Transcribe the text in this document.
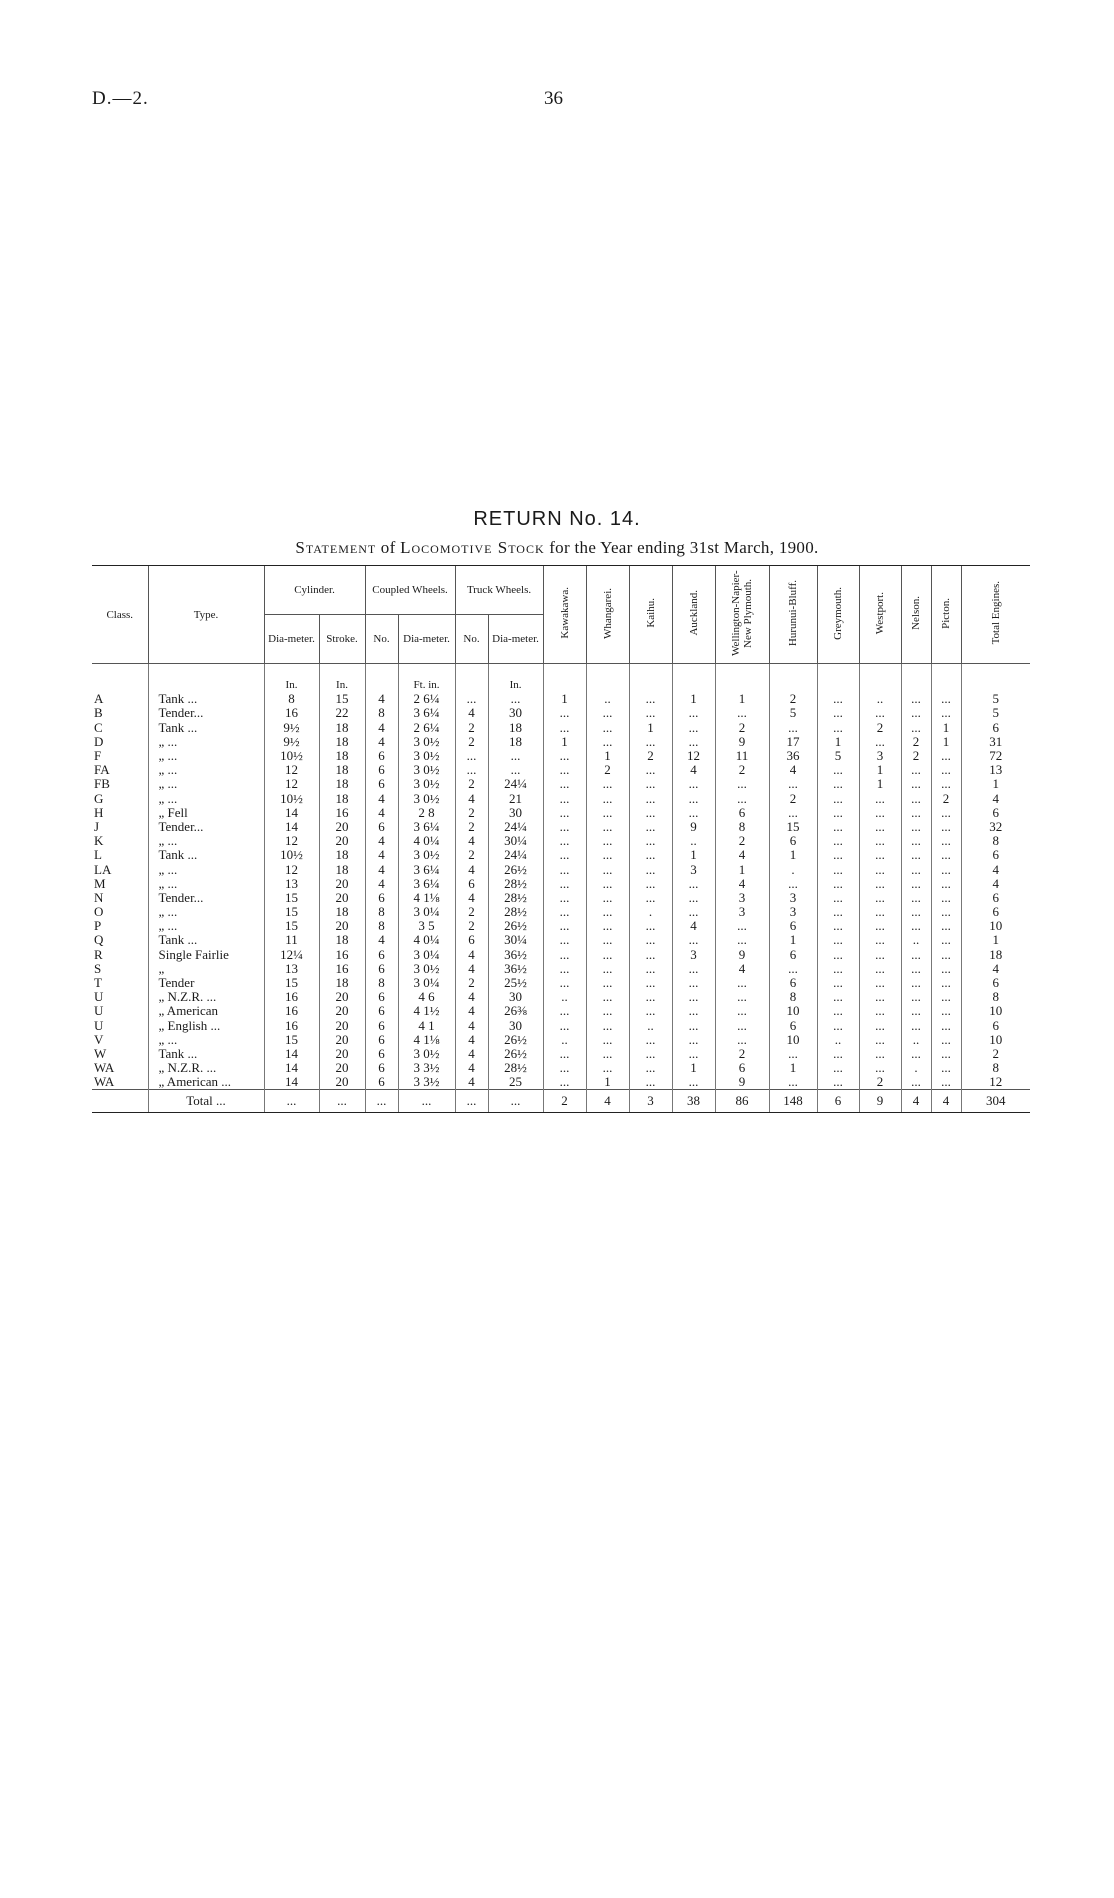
D.—2.	36
RETURN No. 14.
Statement of Locomotive Stock for the Year ending 31st March, 1900.
Class.	Type.	Cylinder.		Coupled Wheels.		Truck Wheels.		Kawakawa.	Whangarei.	Kaihu.	Auckland.	Wellington-Napier-New Plymouth.	Hurunui-Bluff.	Greymouth.	Westport.	Nelson.	Picton.	Total Engines.
		Dia-meter.	Stroke.	No.	Dia-meter.	No.	Dia-meter.											
		In.	In.		Ft. in.		In.											
A	Tank ...	8	15	4	2 6¼	...	...	1	..	...	1	1	2	...	..	...	...	5
B	Tender...	16	22	8	3 6¼	4	30	...	...	...	...	...	5	...	...	...	...	5
C	Tank ...	9½	18	4	2 6¼	2	18	...	...	1	...	2	...	...	2	...	1	6
D	„ ...	9½	18	4	3 0½	2	18	1	...	...	...	9	17	1	...	2	1	31
F	„ ...	10½	18	6	3 0½	...	...	...	1	2	12	11	36	5	3	2	...	72
FA	„ ...	12	18	6	3 0½	...	...	...	2	...	4	2	4	...	1	...	...	13
FB	„ ...	12	18	6	3 0½	2	24¼	...	...	...	...	...	...	...	1	...	...	1
G	„ ...	10½	18	4	3 0½	4	21	...	...	...	...	...	2	...	...	...	2	4
H	„ Fell	14	16	4	2 8	2	30	...	...	...	...	6	...	...	...	...	...	6
J	Tender...	14	20	6	3 6¼	2	24¼	...	...	...	9	8	15	...	...	...	...	32
K	„ ...	12	20	4	4 0¼	4	30¼	...	...	...	..	2	6	...	...	...	...	8
L	Tank ...	10½	18	4	3 0½	2	24¼	...	...	...	1	4	1	...	...	...	...	6
LA	„ ...	12	18	4	3 6¼	4	26½	...	...	...	3	1	.	...	...	...	...	4
M	„ ...	13	20	4	3 6¼	6	28½	...	...	...	...	4	...	...	...	...	...	4
N	Tender...	15	20	6	4 1⅛	4	28½	...	...	...	...	3	3	...	...	...	...	6
O	„ ...	15	18	8	3 0¼	2	28½	...	...	.	...	3	3	...	...	...	...	6
P	„ ...	15	20	8	3 5	2	26½	...	...	...	4	...	6	...	...	...	...	10
Q	Tank ...	11	18	4	4 0¼	6	30¼	...	...	...	...	...	1	...	...	..	...	1
R	Single Fairlie	12¼	16	6	3 0¼	4	36½	...	...	...	3	9	6	...	...	...	...	18
S	„	13	16	6	3 0½	4	36½	...	...	...	...	4	...	...	...	...	...	4
T	Tender	15	18	8	3 0¼	2	25½	...	...	...	...	...	6	...	...	...	...	6
U	„ N.Z.R. ...	16	20	6	4 6	4	30	..	...	...	...	...	8	...	...	...	...	8
U	„ American	16	20	6	4 1½	4	26⅜	...	...	...	...	...	10	...	...	...	...	10
U	„ English ...	16	20	6	4 1	4	30	...	...	..	...	...	6	...	...	...	...	6
V	„ ...	15	20	6	4 1⅛	4	26½	..	...	...	...	...	10	..	...	..	...	10
W	Tank ...	14	20	6	3 0½	4	26½	...	...	...	...	2	...	...	...	...	...	2
WA	„ N.Z.R. ...	14	20	6	3 3½	4	28½	...	...	...	1	6	1	...	...	.	...	8
WA	„ American ...	14	20	6	3 3½	4	25	...	1	...	...	9	...	...	2	...	...	12
	Total ...	...	...	...	...	...	...	2	4	3	38	86	148	6	9	4	4	304
